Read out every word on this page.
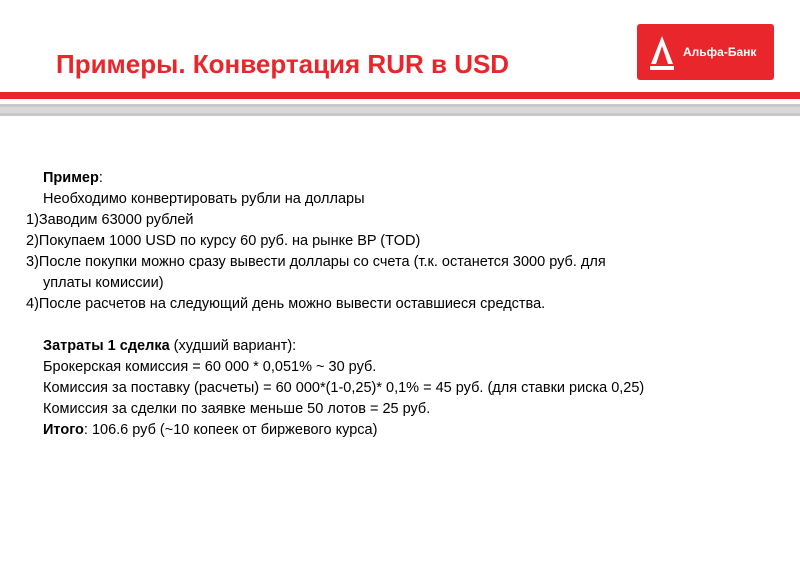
Примеры. Конвертация RUR в USD	Альфа-Банк
Пример:
Необходимо конвертировать рубли на доллары
1)Заводим 63000 рублей
2)Покупаем 1000 USD по курсу 60 руб. на рынке BP (TOD)
3)После покупки можно сразу вывести доллары со счета (т.к. останется 3000 руб. для
уплаты комиссии)
4)После расчетов на следующий день можно вывести оставшиеся средства.
Затраты 1 сделка (худший вариант):
Брокерская комиссия = 60 000 * 0,051% ~ 30 руб.
Комиссия за поставку (расчеты) = 60 000*(1-0,25)* 0,1% = 45 руб. (для ставки риска 0,25)
Комиссия за сделки по заявке меньше 50 лотов = 25 руб.
Итого: 106.6 руб (~10 копеек от биржевого курса)
